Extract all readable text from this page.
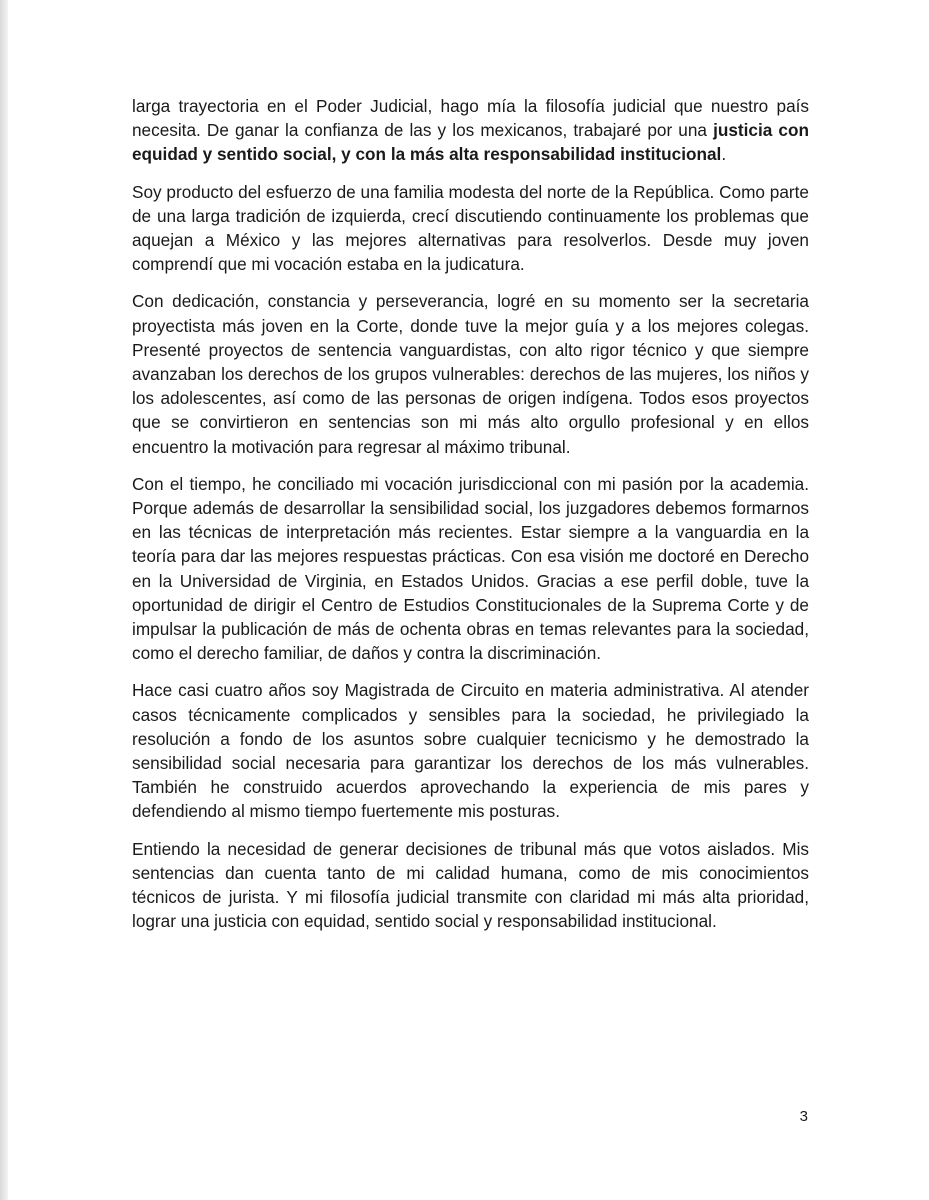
larga trayectoria en el Poder Judicial, hago mía la filosofía judicial que nuestro país necesita. De ganar la confianza de las y los mexicanos, trabajaré por una justicia con equidad y sentido social, y con la más alta responsabilidad institucional.

Soy producto del esfuerzo de una familia modesta del norte de la República. Como parte de una larga tradición de izquierda, crecí discutiendo continuamente los problemas que aquejan a México y las mejores alternativas para resolverlos. Desde muy joven comprendí que mi vocación estaba en la judicatura.

Con dedicación, constancia y perseverancia, logré en su momento ser la secretaria proyectista más joven en la Corte, donde tuve la mejor guía y a los mejores colegas. Presenté proyectos de sentencia vanguardistas, con alto rigor técnico y que siempre avanzaban los derechos de los grupos vulnerables: derechos de las mujeres, los niños y los adolescentes, así como de las personas de origen indígena. Todos esos proyectos que se convirtieron en sentencias son mi más alto orgullo profesional y en ellos encuentro la motivación para regresar al máximo tribunal.

Con el tiempo, he conciliado mi vocación jurisdiccional con mi pasión por la academia. Porque además de desarrollar la sensibilidad social, los juzgadores debemos formarnos en las técnicas de interpretación más recientes. Estar siempre a la vanguardia en la teoría para dar las mejores respuestas prácticas. Con esa visión me doctoré en Derecho en la Universidad de Virginia, en Estados Unidos. Gracias a ese perfil doble, tuve la oportunidad de dirigir el Centro de Estudios Constitucionales de la Suprema Corte y de impulsar la publicación de más de ochenta obras en temas relevantes para la sociedad, como el derecho familiar, de daños y contra la discriminación.

Hace casi cuatro años soy Magistrada de Circuito en materia administrativa. Al atender casos técnicamente complicados y sensibles para la sociedad, he privilegiado la resolución a fondo de los asuntos sobre cualquier tecnicismo y he demostrado la sensibilidad social necesaria para garantizar los derechos de los más vulnerables. También he construido acuerdos aprovechando la experiencia de mis pares y defendiendo al mismo tiempo fuertemente mis posturas.

Entiendo la necesidad de generar decisiones de tribunal más que votos aislados. Mis sentencias dan cuenta tanto de mi calidad humana, como de mis conocimientos técnicos de jurista. Y mi filosofía judicial transmite con claridad mi más alta prioridad, lograr una justicia con equidad, sentido social y responsabilidad institucional.

3
